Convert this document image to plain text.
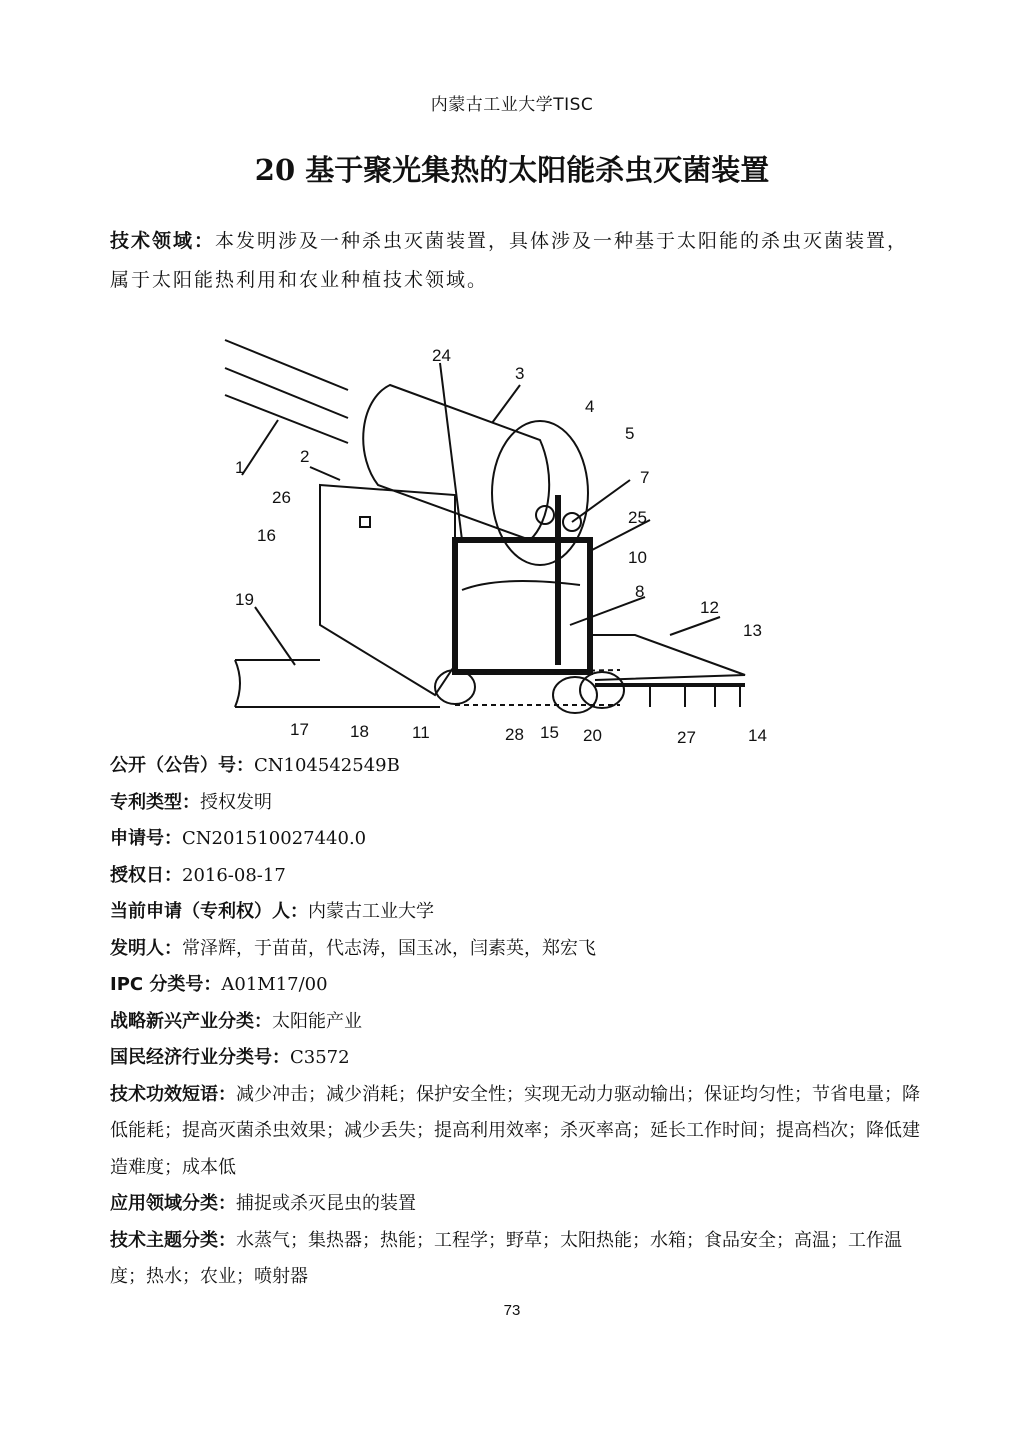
内蒙古工业大学TISC
20 基于聚光集热的太阳能杀虫灭菌装置
技术领域：本发明涉及一种杀虫灭菌装置，具体涉及一种基于太阳能的杀虫灭菌装置，属于太阳能热利用和农业种植技术领域。
24
3
4
5
7
25
10
8
12
13
2
26
16
19
1
17 18	11	28 15 20	27	14
公开（公告）号：CN104542549B
专利类型：授权发明
申请号：CN201510027440.0
授权日：2016-08-17
当前申请（专利权）人：内蒙古工业大学
发明人：常泽辉，于苗苗，代志涛，国玉冰，闫素英，郑宏飞
IPC 分类号：A01M17/00
战略新兴产业分类：太阳能产业
国民经济行业分类号：C3572
技术功效短语：减少冲击；减少消耗；保护安全性；实现无动力驱动输出；保证均匀性；节省电量；降低能耗；提高灭菌杀虫效果；减少丢失；提高利用效率；杀灭率高；延长工作时间；提高档次；降低建造难度；成本低
应用领域分类：捕捉或杀灭昆虫的装置
技术主题分类：水蒸气；集热器；热能；工程学；野草；太阳热能；水箱；食品安全；高温；工作温度；热水；农业；喷射器
73
